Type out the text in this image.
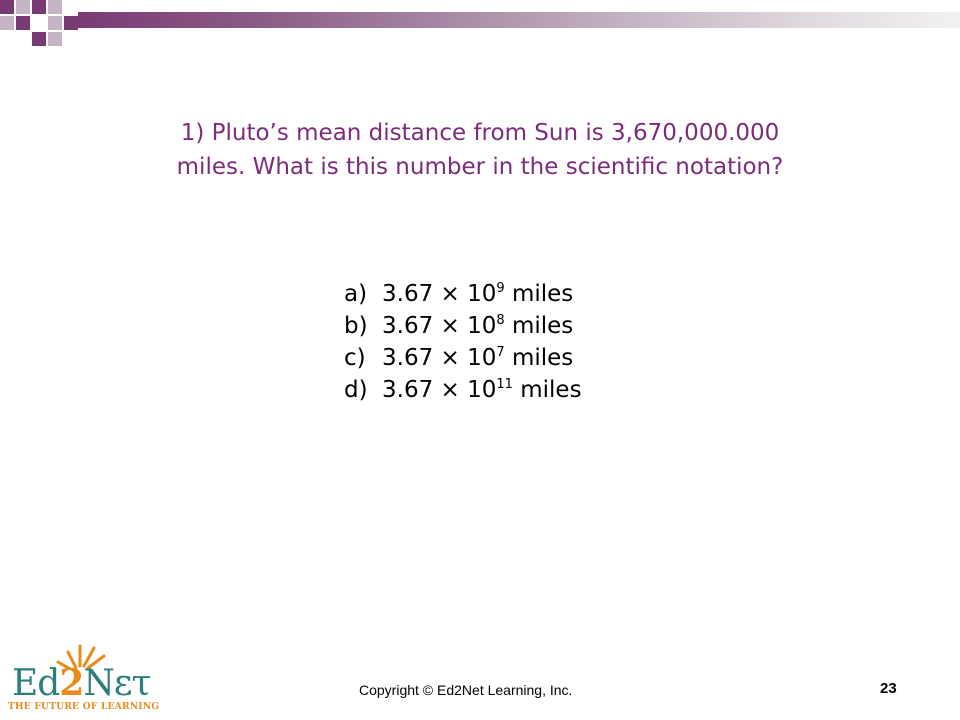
1) Pluto’s mean distance from Sun is 3,670,000.000
miles. What is this number in the scientific notation?
a) $3.67 \times 10^9$ miles
b) $3.67 \times 10^8$ miles
c) $3.67 \times 10^7$ miles
d) $3.67 \times 10^{11}$ miles
Ed2Nετ
THE FUTURE OF LEARNING
Copyright © Ed2Net Learning, Inc.	23
